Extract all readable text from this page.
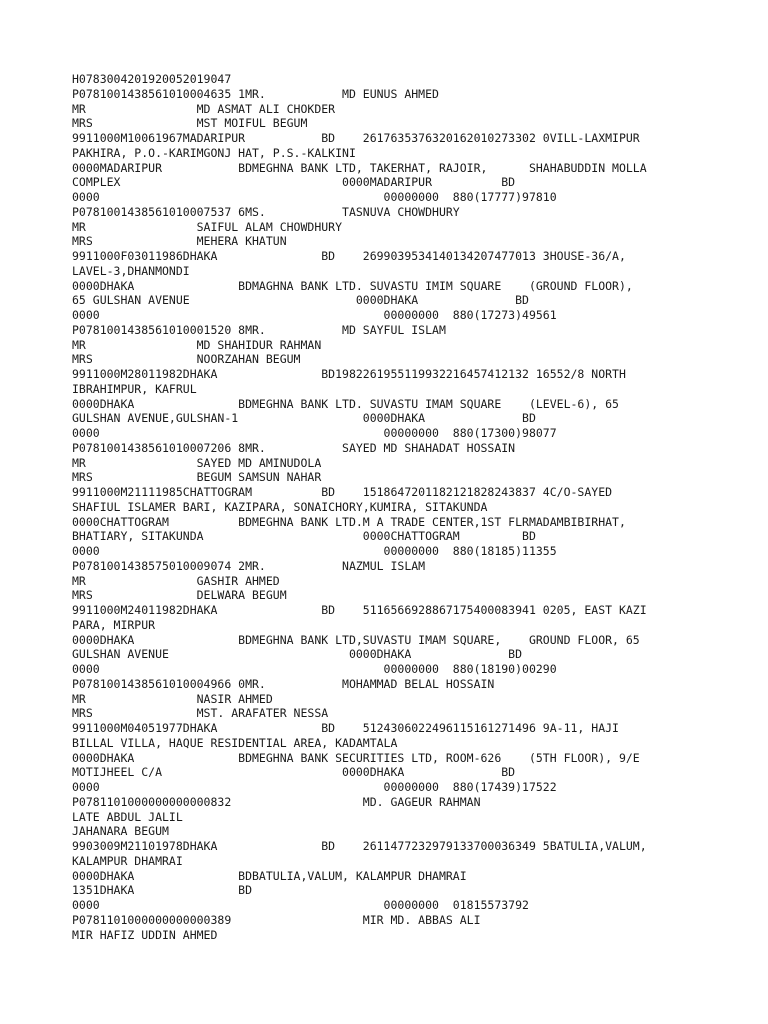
H0783004201920052019047
P0781001438561010004635 1MR.           MD EUNUS AHMED
MR                MD ASMAT ALI CHOKDER
MRS               MST MOIFUL BEGUM
9911000M10061967MADARIPUR           BD    2617635376320162010273302 0VILL-LAXMIPUR
PAKHIRA, P.O.-KARIMGONJ HAT, P.S.-KALKINI
0000MADARIPUR           BDMEGHNA BANK LTD, TAKERHAT, RAJOIR,      SHAHABUDDIN MOLLA
COMPLEX                                0000MADARIPUR          BD
0000                                         00000000  880(17777)97810
P0781001438561010007537 6MS.           TASNUVA CHOWDHURY
MR                SAIFUL ALAM CHOWDHURY
MRS               MEHERA KHATUN
9911000F03011986DHAKA               BD    2699039534140134207477013 3HOUSE-36/A,
LAVEL-3,DHANMONDI
0000DHAKA               BDMAGHNA BANK LTD. SUVASTU IMIM SQUARE    (GROUND FLOOR),
65 GULSHAN AVENUE                        0000DHAKA              BD
0000                                         00000000  880(17273)49561
P0781001438561010001520 8MR.           MD SAYFUL ISLAM
MR                MD SHAHIDUR RAHMAN
MRS               NOORZAHAN BEGUM
9911000M28011982DHAKA               BD1982261955119932216457412132 16552/8 NORTH
IBRAHIMPUR, KAFRUL
0000DHAKA               BDMEGHNA BANK LTD. SUVASTU IMAM SQUARE    (LEVEL-6), 65
GULSHAN AVENUE,GULSHAN-1                  0000DHAKA              BD
0000                                         00000000  880(17300)98077
P0781001438561010007206 8MR.           SAYED MD SHAHADAT HOSSAIN
MR                SAYED MD AMINUDOLA
MRS               BEGUM SAMSUN NAHAR
9911000M21111985CHATTOGRAM          BD    1518647201182121828243837 4C/O-SAYED
SHAFIUL ISLAMER BARI, KAZIPARA, SONAICHORY,KUMIRA, SITAKUNDA
0000CHATTOGRAM          BDMEGHNA BANK LTD.M A TRADE CENTER,1ST FLRMADAMBIBIRHAT,
BHATIARY, SITAKUNDA                       0000CHATTOGRAM         BD
0000                                         00000000  880(18185)11355
P0781001438575010009074 2MR.           NAZMUL ISLAM
MR                GASHIR AHMED
MRS               DELWARA BEGUM
9911000M24011982DHAKA               BD    5116566928867175400083941 0205, EAST KAZI
PARA, MIRPUR
0000DHAKA               BDMEGHNA BANK LTD,SUVASTU IMAM SQUARE,    GROUND FLOOR, 65
GULSHAN AVENUE                          0000DHAKA              BD
0000                                         00000000  880(18190)00290
P0781001438561010004966 0MR.           MOHAMMAD BELAL HOSSAIN
MR                NASIR AHMED
MRS               MST. ARAFATER NESSA
9911000M04051977DHAKA               BD    5124306022496115161271496 9A-11, HAJI
BILLAL VILLA, HAQUE RESIDENTIAL AREA, KADAMTALA
0000DHAKA               BDMEGHNA BANK SECURITIES LTD, ROOM-626    (5TH FLOOR), 9/E
MOTIJHEEL C/A                          0000DHAKA              BD
0000                                         00000000  880(17439)17522
P0781101000000000000832                   MD. GAGEUR RAHMAN
LATE ABDUL JALIL
JAHANARA BEGUM
9903009M21101978DHAKA               BD    2611477232979133700036349 5BATULIA,VALUM,
KALAMPUR DHAMRAI
0000DHAKA               BDBATULIA,VALUM, KALAMPUR DHAMRAI
1351DHAKA               BD
0000                                         00000000  01815573792
P0781101000000000000389                   MIR MD. ABBAS ALI
MIR HAFIZ UDDIN AHMED
